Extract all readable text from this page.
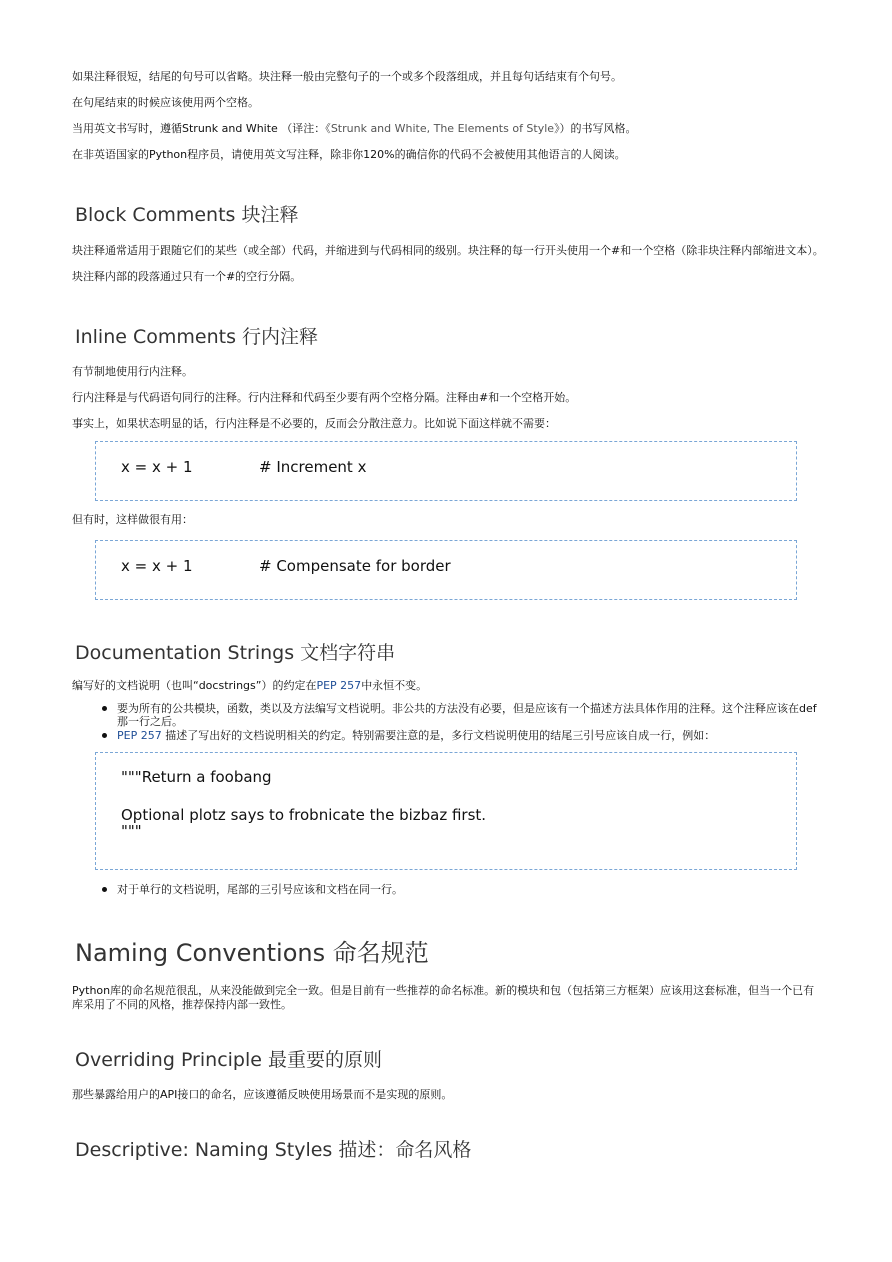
如果注释很短，结尾的句号可以省略。块注释一般由完整句子的一个或多个段落组成，并且每句话结束有个句号。

在句尾结束的时候应该使用两个空格。

当用英文书写时，遵循Strunk and White （译注：《Strunk and White, The Elements of Style》）的书写风格。

在非英语国家的Python程序员，请使用英文写注释，除非你120%的确信你的代码不会被使用其他语言的人阅读。

Block Comments 块注释

块注释通常适用于跟随它们的某些（或全部）代码，并缩进到与代码相同的级别。块注释的每一行开头使用一个#和一个空格（除非块注释内部缩进文本）。

块注释内部的段落通过只有一个#的空行分隔。

Inline Comments 行内注释

有节制地使用行内注释。

行内注释是与代码语句同行的注释。行内注释和代码至少要有两个空格分隔。注释由#和一个空格开始。

事实上，如果状态明显的话，行内注释是不必要的，反而会分散注意力。比如说下面这样就不需要：

x = x + 1	# Increment x

但有时，这样做很有用：

x = x + 1	# Compensate for border
Documentation Strings 文档字符串

编写好的文档说明（也叫“docstrings”）的约定在PEP 257中永恒不变。

要为所有的公共模块，函数，类以及方法编写文档说明。非公共的方法没有必要，但是应该有一个描述方法具体作用的注释。这个注释应该在def那一行之后。
PEP 257 描述了写出好的文档说明相关的约定。特别需要注意的是，多行文档说明使用的结尾三引号应该自成一行，例如：
"""Return a foobang
Optional plotz says to frobnicate the bizbaz first.
"""
对于单行的文档说明，尾部的三引号应该和文档在同一行。
Naming Conventions 命名规范

Python库的命名规范很乱，从来没能做到完全一致。但是目前有一些推荐的命名标准。新的模块和包（包括第三方框架）应该用这套标准，但当一个已有库采用了不同的风格，推荐保持内部一致性。

Overriding Principle 最重要的原则

那些暴露给用户的API接口的命名，应该遵循反映使用场景而不是实现的原则。

Descriptive: Naming Styles 描述：命名风格
